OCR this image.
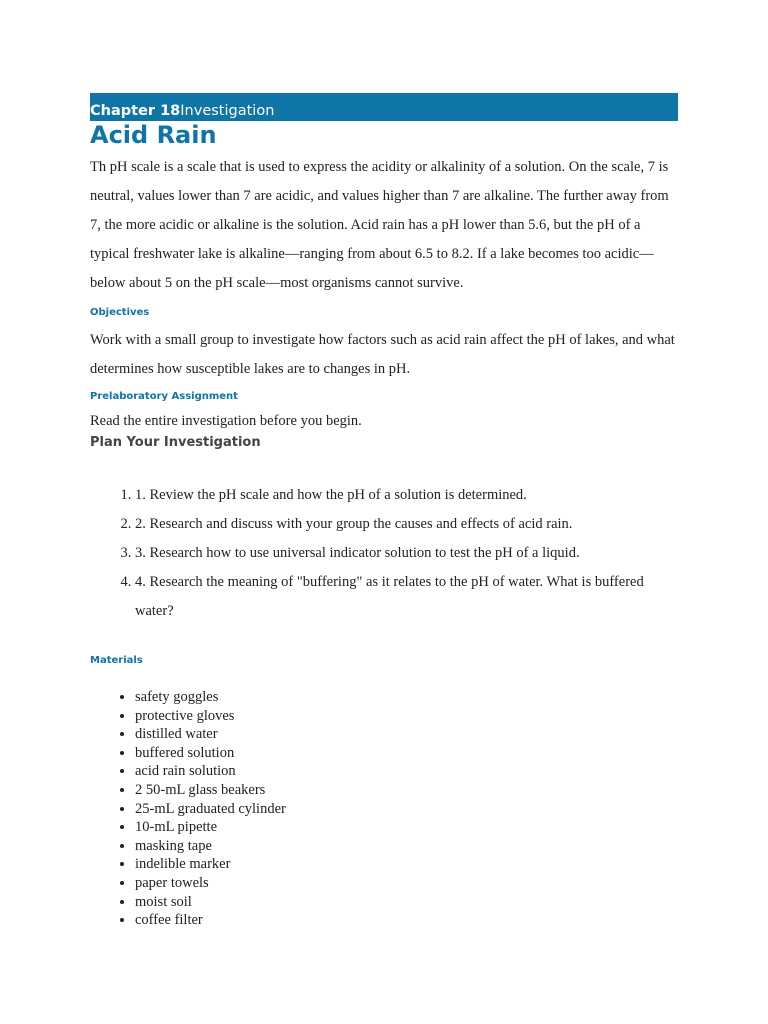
Chapter 18Investigation
Acid Rain

Th pH scale is a scale that is used to express the acidity or alkalinity of a solution. On the scale, 7 is neutral, values lower than 7 are acidic, and values higher than 7 are alkaline. The further away from 7, the more acidic or alkaline is the solution. Acid rain has a pH lower than 5.6, but the pH of a typical freshwater lake is alkaline—ranging from about 6.5 to 8.2. If a lake becomes too acidic—below about 5 on the pH scale—most organisms cannot survive.

Objectives

Work with a small group to investigate how factors such as acid rain affect the pH of lakes, and what determines how susceptible lakes are to changes in pH.

Prelaboratory Assignment

Read the entire investigation before you begin.

Plan Your Investigation
1. 1. Review the pH scale and how the pH of a solution is determined.
2. 2. Research and discuss with your group the causes and effects of acid rain.
3. 3. Research how to use universal indicator solution to test the pH of a liquid.
4. 4. Research the meaning of "buffering" as it relates to the pH of water. What is buffered water?

Materials

• safety goggles
• protective gloves
• distilled water
• buffered solution
• acid rain solution
• 2 50-mL glass beakers
• 25-mL graduated cylinder
• 10-mL pipette
• masking tape
• indelible marker
• paper towels
• moist soil
• coffee filter
